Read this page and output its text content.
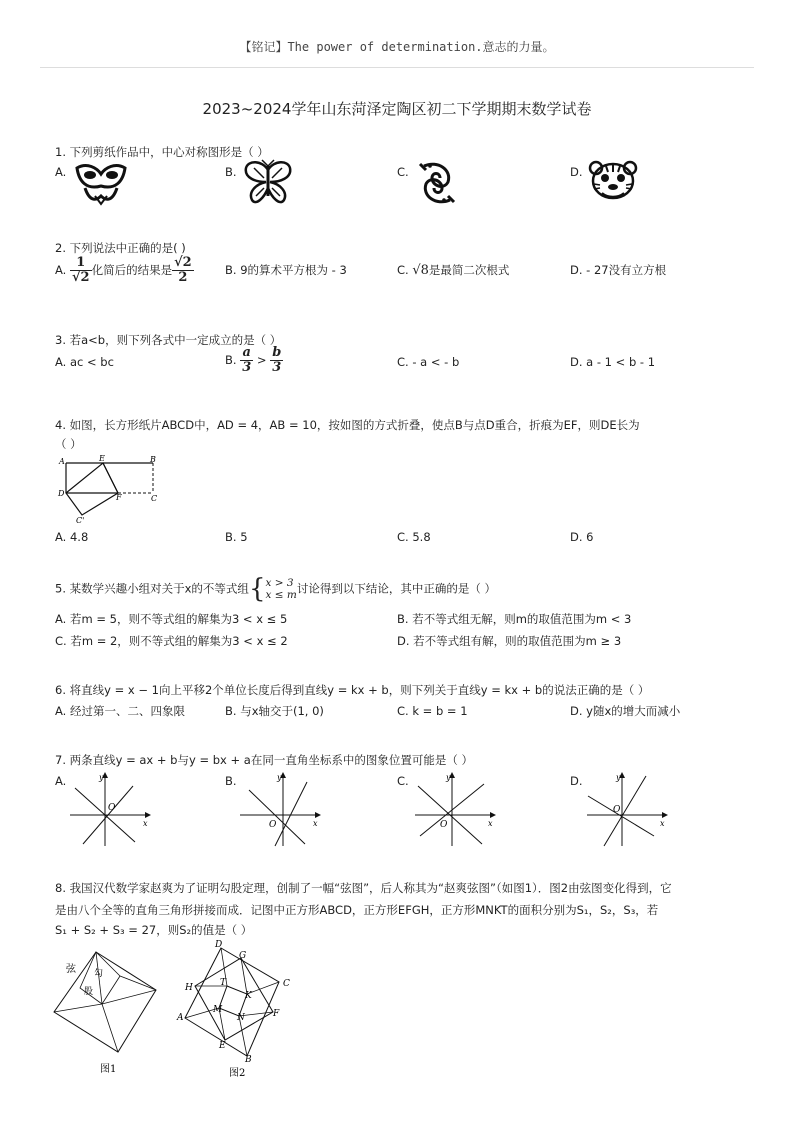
【铭记】The power of determination.意志的力量。
2023~2024学年山东菏泽定陶区初二下学期期末数学试卷
1. 下列剪纸作品中，中心对称图形是（ ）
A.	B.	C.	D.
2. 下列说法中正确的是( )
A. $\frac{1}{√2}$ 化简后的结果是 $\frac{√2}{2}$	B. 9的算术平方根为 - 3	C. √8是最简二次根式	D. - 27没有立方根
3. 若a<b，则下列各式中一定成立的是（ ）
A. ac < bc	B. $\frac{a}{3} > \frac{b}{3}$	C. - a < - b	D. a - 1 < b - 1
4. 如图，长方形纸片ABCD中，AD = 4，AB = 10，按如图的方式折叠，使点B与点D重合，折痕为EF，则DE长为
（ ）
A	E	B
D	F	C
C'
A. 4.8	B. 5	C. 5.8	D. 6
5. 某数学兴趣小组对关于x的不等式组{ x > 3
x ≤ m 讨论得到以下结论，其中正确的是（ ）
A. 若m = 5，则不等式组的解集为3 < x ≤ 5	B. 若不等式组无解，则m的取值范围为m < 3
C. 若m = 2，则不等式组的解集为3 < x ≤ 2	D. 若不等式组有解，则的取值范围为m ≥ 3
6. 将直线y = x − 1向上平移2个单位长度后得到直线y = kx + b，则下列关于直线y = kx + b的说法正确的是（ ）
A. 经过第一、二、四象限	B. 与x轴交于(1, 0)	C. k = b = 1	D. y随x的增大而减小
7. 两条直线y = ax + b与y = bx + a在同一直角坐标系中的图象位置可能是（ ）
A.	B.	C.	D.
y
x
O
y
x
O
y
x
O
y
x
O
8. 我国汉代数学家赵爽为了证明勾股定理，创制了一幅“弦图”，后人称其为“赵爽弦图”（如图1）．图2由弦图变化得到，它
是由八个全等的直角三角形拼接而成．记图中正方形ABCD，正方形EFGH，正方形MNKT的面积分别为S₁，S₂，S₃，若
S₁ + S₂ + S₃ = 27，则S₂的值是（ ）
弦 勾
股
图1
D
G
C
H	T
K
A
M	F
N
E
B
图2
